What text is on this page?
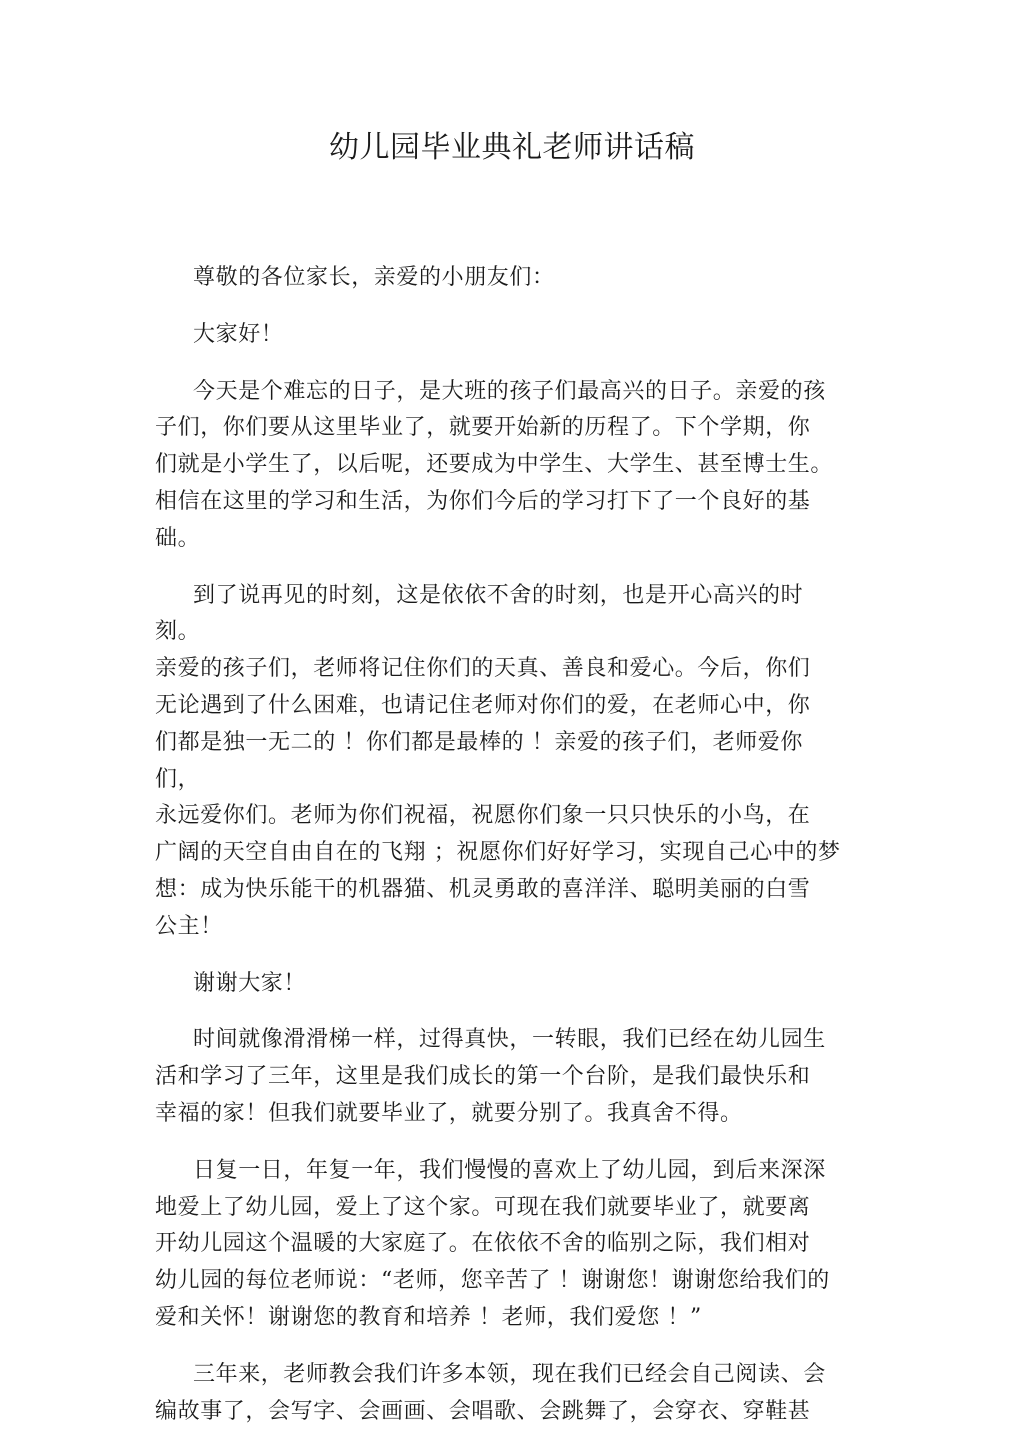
幼儿园毕业典礼老师讲话稿

尊敬的各位家长，亲爱的小朋友们：

大家好！

今天是个难忘的日子，是大班的孩子们最高兴的日子。亲爱的孩
子们，你们要从这里毕业了，就要开始新的历程了。下个学期，你
们就是小学生了，以后呢，还要成为中学生、大学生、甚至博士生。
相信在这里的学习和生活，为你们今后的学习打下了一个良好的基
础。

到了说再见的时刻，这是依依不舍的时刻，也是开心高兴的时刻。
亲爱的孩子们，老师将记住你们的天真、善良和爱心。今后，你们
无论遇到了什么困难，也请记住老师对你们的爱，在老师心中，你
们都是独一无二的 ！你们都是最棒的 ！亲爱的孩子们，老师爱你们，
永远爱你们。老师为你们祝福，祝愿你们象一只只快乐的小鸟，在
广阔的天空自由自在的飞翔 ；祝愿你们好好学习，实现自己心中的梦
想：成为快乐能干的机器猫、机灵勇敢的喜洋洋、聪明美丽的白雪
公主！

谢谢大家！

时间就像滑滑梯一样，过得真快，一转眼，我们已经在幼儿园生
活和学习了三年，这里是我们成长的第一个台阶，是我们最快乐和
幸福的家！但我们就要毕业了，就要分别了。我真舍不得。

日复一日，年复一年，我们慢慢的喜欢上了幼儿园，到后来深深
地爱上了幼儿园，爱上了这个家。可现在我们就要毕业了，就要离
开幼儿园这个温暖的大家庭了。在依依不舍的临别之际，我们相对
幼儿园的每位老师说：“老师，您辛苦了 ！谢谢您！谢谢您给我们的
爱和关怀！谢谢您的教育和培养 ！老师，我们爱您 ！”

三年来，老师教会我们许多本领，现在我们已经会自己阅读、会
编故事了，会写字、会画画、会唱歌、会跳舞了，会穿衣、穿鞋甚
